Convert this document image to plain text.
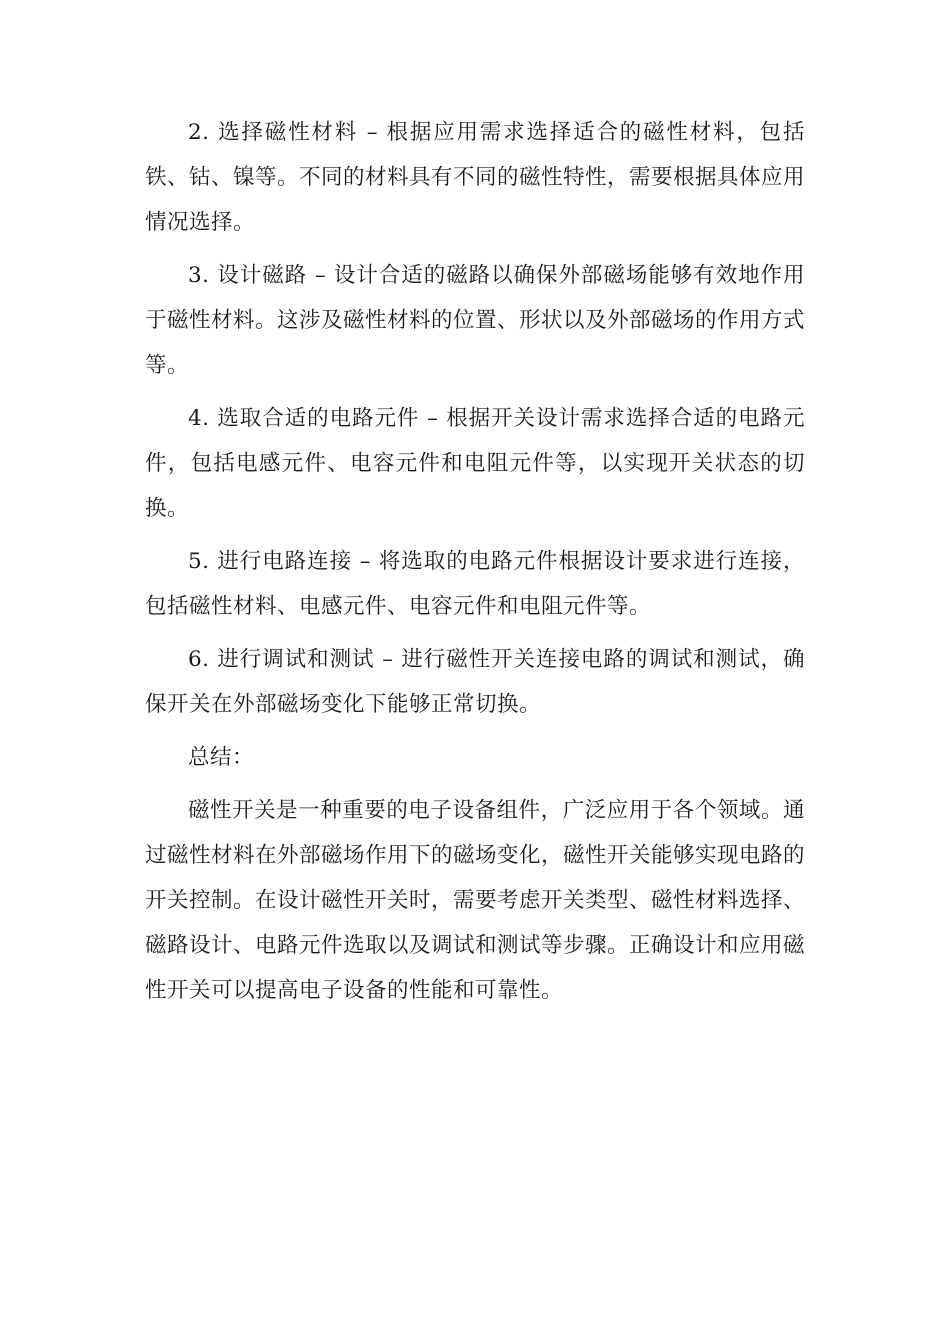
2. 选择磁性材料 – 根据应用需求选择适合的磁性材料，包括铁、钴、镍等。不同的材料具有不同的磁性特性，需要根据具体应用情况选择。

3. 设计磁路 – 设计合适的磁路以确保外部磁场能够有效地作用于磁性材料。这涉及磁性材料的位置、形状以及外部磁场的作用方式等。

4. 选取合适的电路元件 – 根据开关设计需求选择合适的电路元件，包括电感元件、电容元件和电阻元件等，以实现开关状态的切换。

5. 进行电路连接 – 将选取的电路元件根据设计要求进行连接，包括磁性材料、电感元件、电容元件和电阻元件等。

6. 进行调试和测试 – 进行磁性开关连接电路的调试和测试，确保开关在外部磁场变化下能够正常切换。

总结：

磁性开关是一种重要的电子设备组件，广泛应用于各个领域。通过磁性材料在外部磁场作用下的磁场变化，磁性开关能够实现电路的开关控制。在设计磁性开关时，需要考虑开关类型、磁性材料选择、磁路设计、电路元件选取以及调试和测试等步骤。正确设计和应用磁性开关可以提高电子设备的性能和可靠性。
